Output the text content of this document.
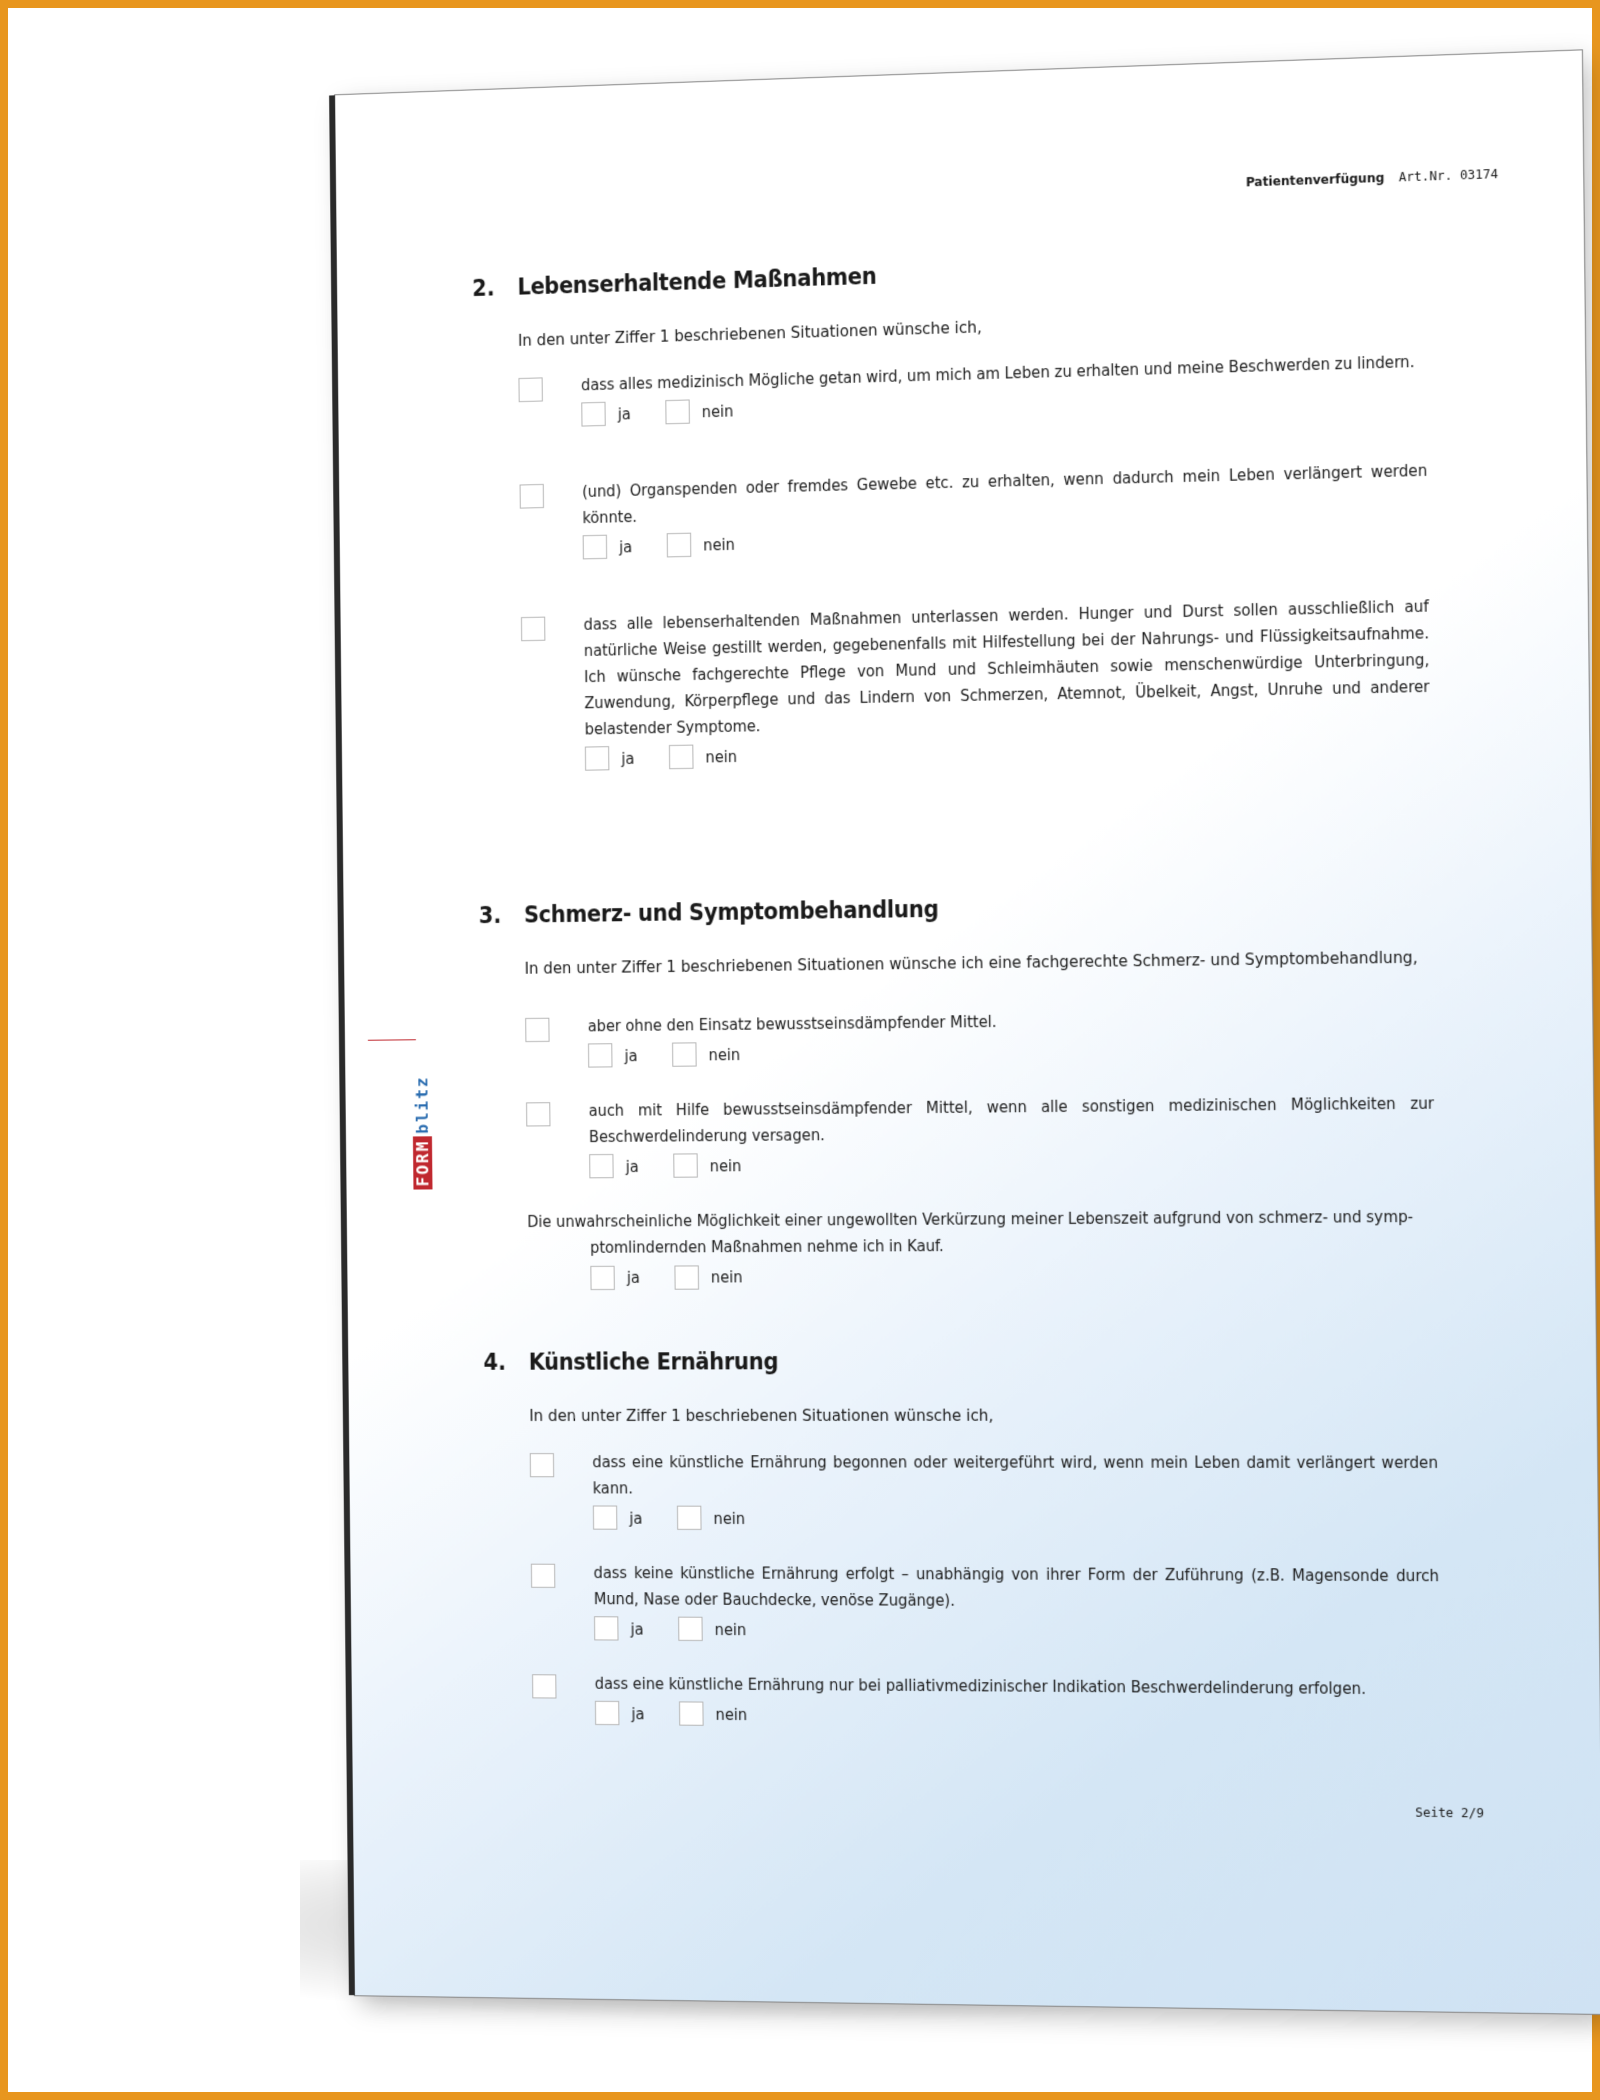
Patientenverfügung Art.Nr. 03174
2. Lebenserhaltende Maßnahmen
In den unter Ziffer 1 beschriebenen Situationen wünsche ich,
dass alles medizinisch Mögliche getan wird, um mich am Leben zu erhalten und meine Beschwerden zu lindern.
ja	nein
(und) Organspenden oder fremdes Gewebe etc. zu erhalten, wenn dadurch mein Leben verlängert werden könnte.
ja	nein
dass alle lebenserhaltenden Maßnahmen unterlassen werden. Hunger und Durst sollen ausschließlich auf natürliche Weise gestillt werden, gegebenenfalls mit Hilfestellung bei der Nahrungs- und Flüssigkeitsaufnahme. Ich wünsche fachgerechte Pflege von Mund und Schleimhäuten sowie menschenwürdige Unterbringung, Zuwendung, Körperpflege und das Lindern von Schmerzen, Atemnot, Übelkeit, Angst, Unruhe und anderer belastender Symptome.
ja	nein
3. Schmerz- und Symptombehandlung
In den unter Ziffer 1 beschriebenen Situationen wünsche ich eine fachgerechte Schmerz- und Symptombehandlung,
aber ohne den Einsatz bewusstseinsdämpfender Mittel.
ja	nein
auch mit Hilfe bewusstseinsdämpfender Mittel, wenn alle sonstigen medizinischen Möglichkeiten zur Beschwerdelinderung versagen.
ja	nein
Die unwahrscheinliche Möglichkeit einer ungewollten Verkürzung meiner Lebenszeit aufgrund von schmerz- und symp-
ptomlindernden Maßnahmen nehme ich in Kauf.
ja	nein
4. Künstliche Ernährung
In den unter Ziffer 1 beschriebenen Situationen wünsche ich,
dass eine künstliche Ernährung begonnen oder weitergeführt wird, wenn mein Leben damit verlängert werden kann.
ja	nein
dass keine künstliche Ernährung erfolgt – unabhängig von ihrer Form der Zuführung (z.B. Magensonde durch Mund, Nase oder Bauchdecke, venöse Zugänge).
ja	nein
dass eine künstliche Ernährung nur bei palliativmedizinischer Indikation Beschwerdelinderung erfolgen.
ja	nein
Seite 2/9
FORMblitz
